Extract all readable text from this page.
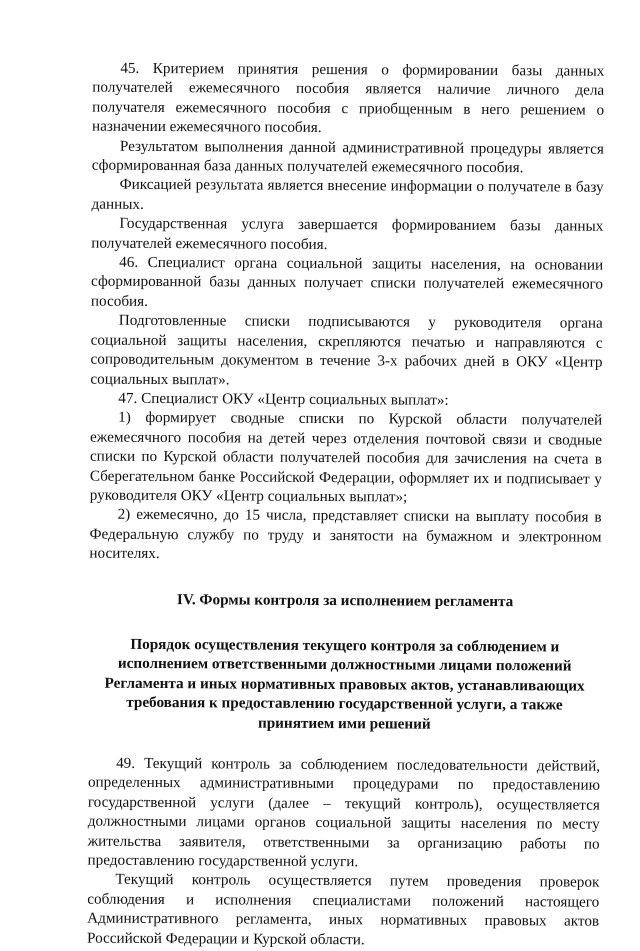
45. Критерием принятия решения о формировании базы данных получателей ежемесячного пособия является наличие личного дела получателя ежемесячного пособия с приобщенным в него решением о назначении ежемесячного пособия.

Результатом выполнения данной административной процедуры является сформированная база данных получателей ежемесячного пособия.

Фиксацией результата является внесение информации о получателе в базу данных.

Государственная услуга завершается формированием базы данных получателей ежемесячного пособия.

46. Специалист органа социальной защиты населения, на основании сформированной базы данных получает списки получателей ежемесячного пособия.

Подготовленные списки подписываются у руководителя органа социальной защиты населения, скрепляются печатью и направляются с сопроводительным документом в течение 3-х рабочих дней в ОКУ «Центр социальных выплат».

47. Специалист ОКУ «Центр социальных выплат»:

1) формирует сводные списки по Курской области получателей ежемесячного пособия на детей через отделения почтовой связи и сводные списки по Курской области получателей пособия для зачисления на счета в Сберегательном банке Российской Федерации, оформляет их и подписывает у руководителя ОКУ «Центр социальных выплат»;

2) ежемесячно, до 15 числа, представляет списки на выплату пособия в Федеральную службу по труду и занятости на бумажном и электронном носителях.

IV. Формы контроля за исполнением регламента
Порядок осуществления текущего контроля за соблюдением и
исполнением ответственными должностными лицами положений
Регламента и иных нормативных правовых актов, устанавливающих
требования к предоставлению государственной услуги, а также
принятием ими решений

49. Текущий контроль за соблюдением последовательности действий, определенных административными процедурами по предоставлению государственной услуги (далее – текущий контроль), осуществляется должностными лицами органов социальной защиты населения по месту жительства заявителя, ответственными за организацию работы по предоставлению государственной услуги.

Текущий контроль осуществляется путем проведения проверок соблюдения и исполнения специалистами положений настоящего Административного регламента, иных нормативных правовых актов Российской Федерации и Курской области.
